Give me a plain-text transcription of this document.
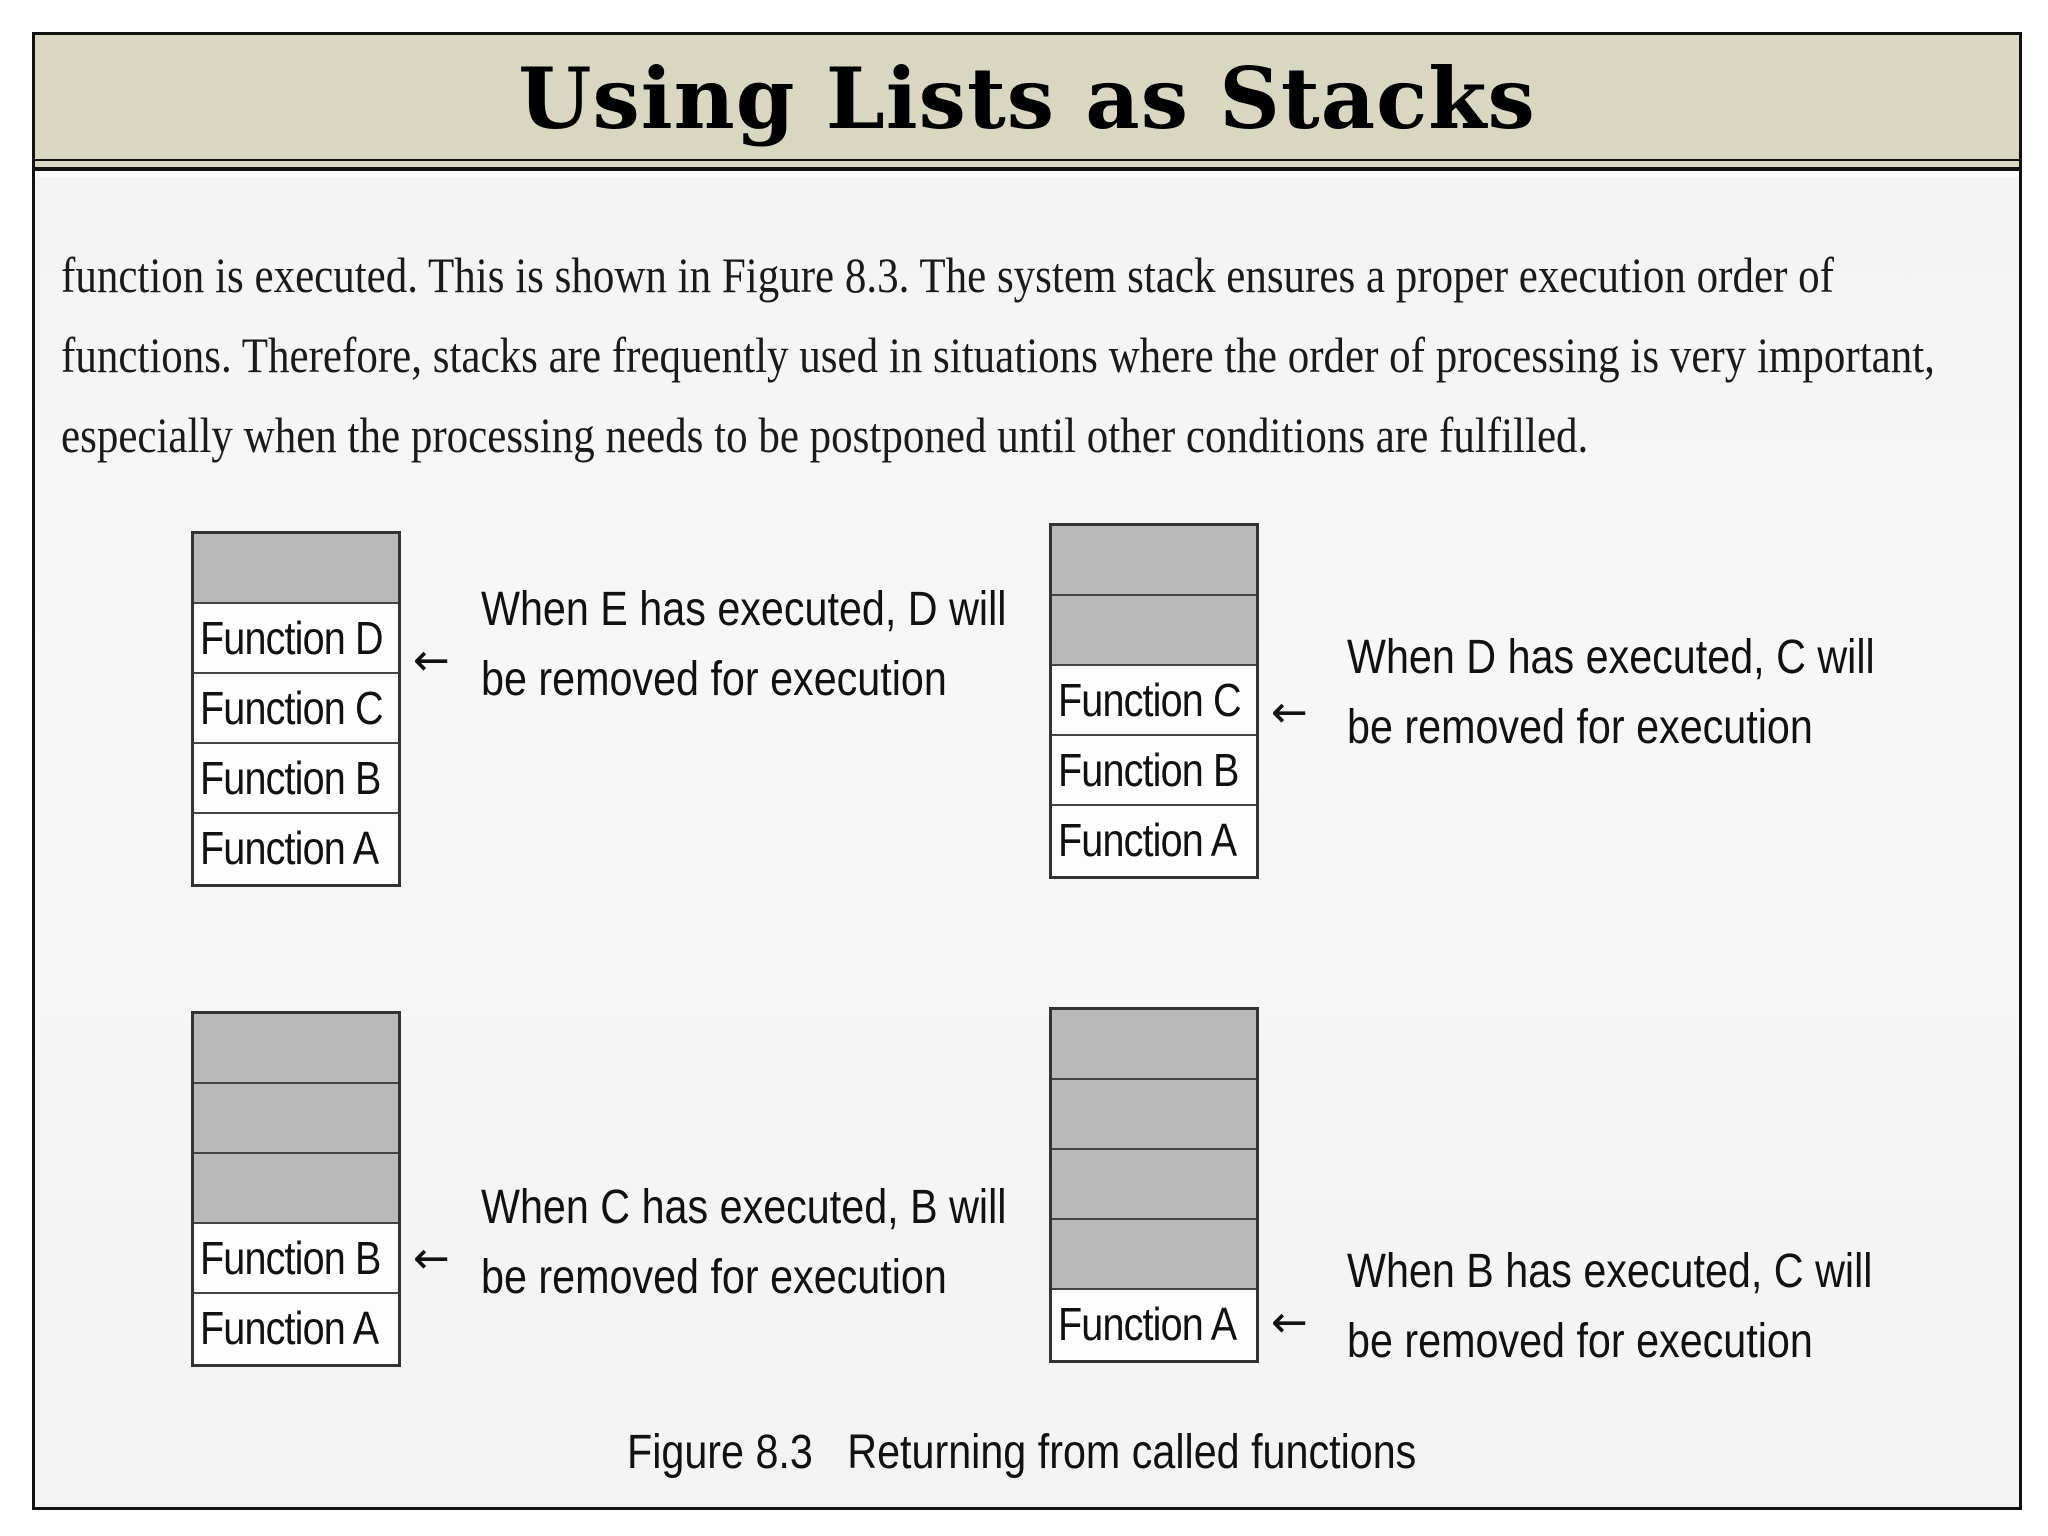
Using Lists as Stacks
function is executed. This is shown in Figure 8.3. The system stack ensures a proper execution order of
functions. Therefore, stacks are frequently used in situations where the order of processing is very important,
especially when the processing needs to be postponed until other conditions are fulfilled.
Function D
Function C
Function B
Function A
←
When E has executed, D will
be removed for execution	Function C
Function B
Function A
←
When D has executed, C will
be removed for execution
Function B
Function A
←
When C has executed, B will
be removed for execution
Function A ←
When B has executed, C will
be removed for execution
Figure 8.3 Returning from called functions
